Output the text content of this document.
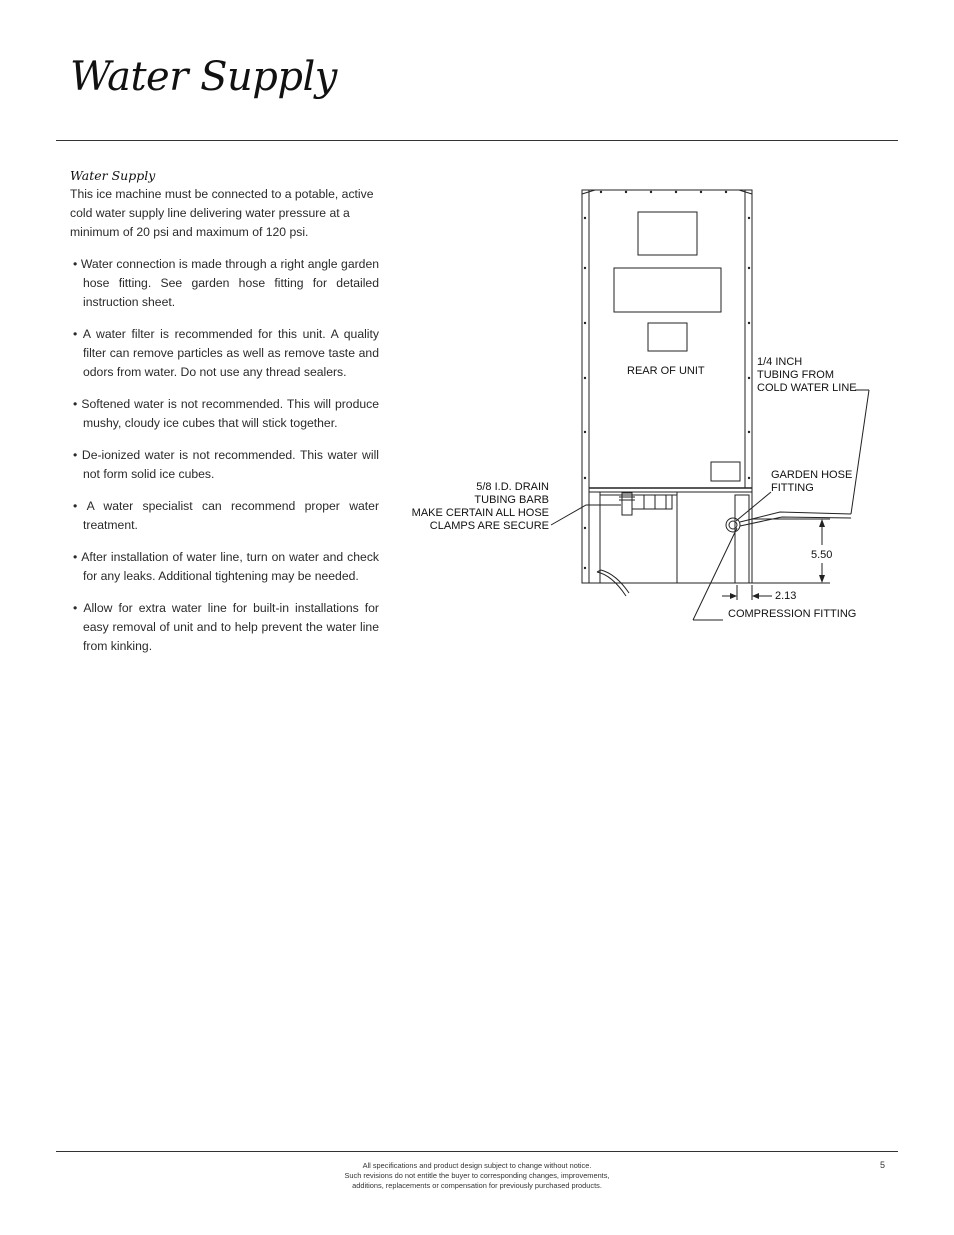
Water Supply
Water Supply

This ice machine must be connected to a potable, active cold water supply line delivering water pressure at a minimum of 20 psi and maximum of 120 psi.

• Water connection is made through a right angle garden hose fitting. See garden hose fitting for detailed instruction sheet.
• A water filter is recommended for this unit. A quality filter can remove particles as well as remove taste and odors from water. Do not use any thread sealers.
• Softened water is not recommended. This will produce mushy, cloudy ice cubes that will stick together.
• De-ionized water is not recommended. This water will not form solid ice cubes.
• A water specialist can recommend proper water treatment.
• After installation of water line, turn on water and check for any leaks. Additional tightening may be needed.
• Allow for extra water line for built-in installations for easy removal of unit and to help prevent the water line from kinking.
REAR OF UNIT
1/4 INCH
TUBING FROM
COLD WATER LINE
GARDEN HOSE
FITTING
5/8 I.D. DRAIN
TUBING BARB
MAKE CERTAIN ALL HOSE
CLAMPS ARE SECURE
5.50
2.13
COMPRESSION FITTING
All specifications and product design subject to change without notice.
Such revisions do not entitle the buyer to corresponding changes, improvements,
additions, replacements or compensation for previously purchased products.
5
